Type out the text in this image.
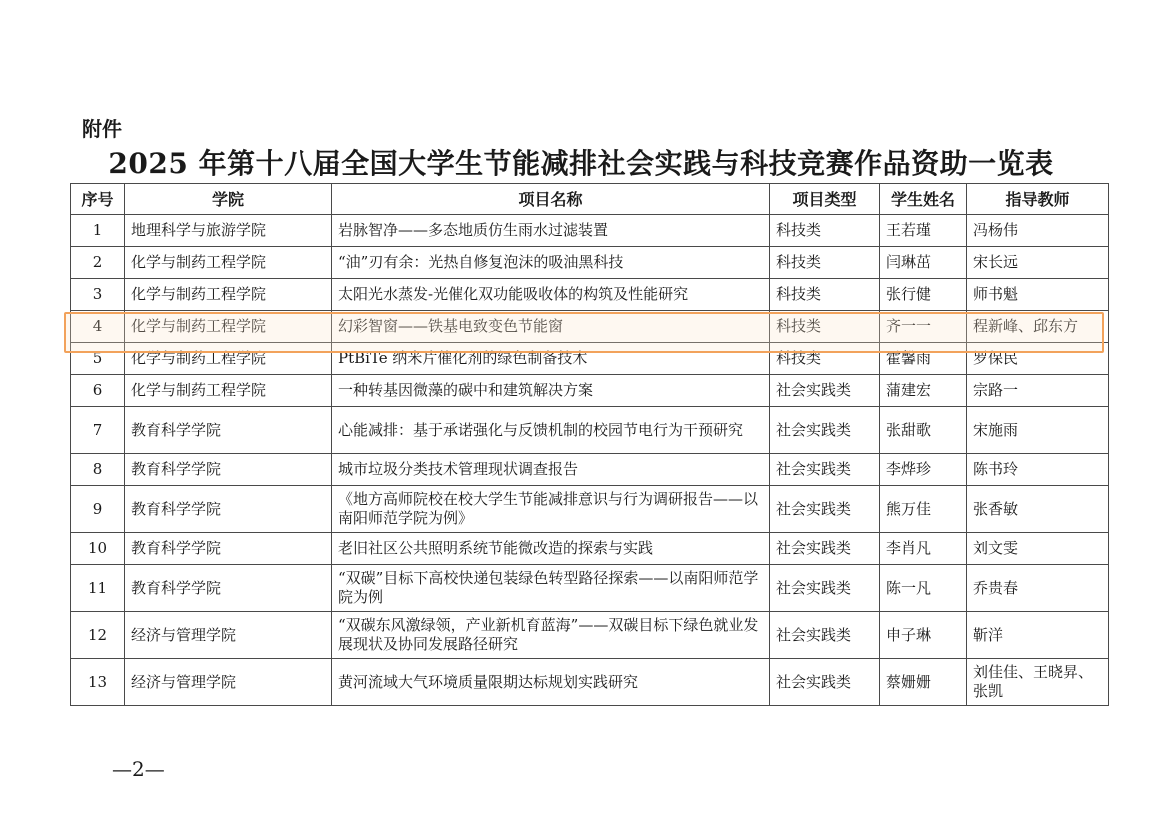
附件
2025 年第十八届全国大学生节能减排社会实践与科技竞赛作品资助一览表
序号	学院	项目名称	项目类型	学生姓名	指导教师
1	地理科学与旅游学院	岩脉智净——多态地质仿生雨水过滤装置	科技类	王若瑾	冯杨伟
2	化学与制药工程学院	“油”刃有余：光热自修复泡沫的吸油黑科技	科技类	闫琳茁	宋长远
3	化学与制药工程学院	太阳光水蒸发-光催化双功能吸收体的构筑及性能研究	科技类	张行健	师书魁
4	化学与制药工程学院	幻彩智窗——铁基电致变色节能窗	科技类	齐一一	程新峰、邱东方
5	化学与制药工程学院	PtBiTe 纳米片催化剂的绿色制备技术	科技类	霍馨雨	罗保民
6	化学与制药工程学院	一种转基因微藻的碳中和建筑解决方案	社会实践类	蒲建宏	宗路一
7	教育科学学院	心能减排：基于承诺强化与反馈机制的校园节电行为干预研究	社会实践类	张甜歌	宋施雨
8	教育科学学院	城市垃圾分类技术管理现状调查报告	社会实践类	李烨珍	陈书玲
9	教育科学学院	《地方高师院校在校大学生节能减排意识与行为调研报告——以南阳师范学院为例》	社会实践类	熊万佳	张香敏
10	教育科学学院	老旧社区公共照明系统节能微改造的探索与实践	社会实践类	李肖凡	刘文雯
11	教育科学学院	“双碳”目标下高校快递包装绿色转型路径探索——以南阳师范学院为例	社会实践类	陈一凡	乔贵春
12	经济与管理学院	“双碳东风激绿领，产业新机育蓝海”——双碳目标下绿色就业发展现状及协同发展路径研究	社会实践类	申子琳	靳洋
13	经济与管理学院	黄河流域大气环境质量限期达标规划实践研究	社会实践类	蔡姗姗	刘佳佳、王晓昇、张凯
—2—
